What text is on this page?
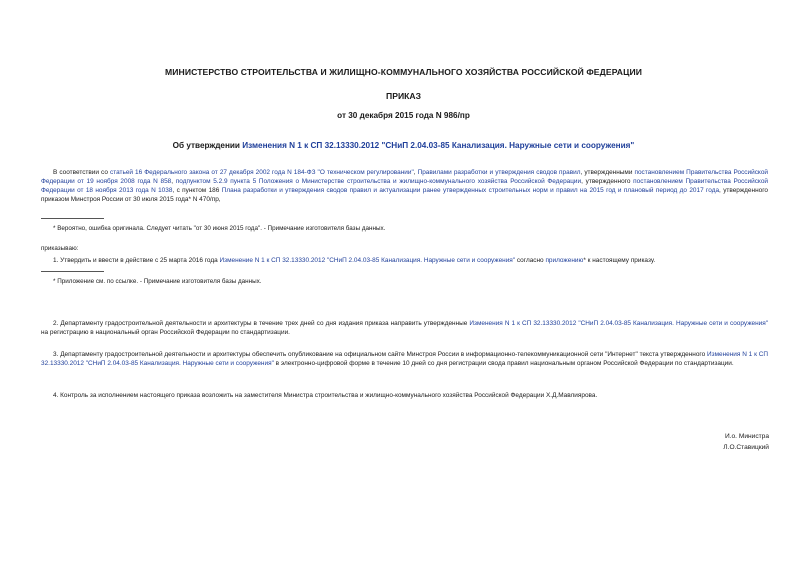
МИНИСТЕРСТВО СТРОИТЕЛЬСТВА И ЖИЛИЩНО-КОММУНАЛЬНОГО ХОЗЯЙСТВА РОССИЙСКОЙ ФЕДЕРАЦИИ
ПРИКАЗ
от 30 декабря 2015 года N 986/пр
Об утверждении Изменения N 1 к СП 32.13330.2012 "СНиП 2.04.03-85 Канализация. Наружные сети и сооружения"

В соответствии со статьей 16 Федерального закона от 27 декабря 2002 года N 184-ФЗ "О техническом регулировании", Правилами разработки и утверждения сводов правил, утвержденными постановлением Правительства Российской Федерации от 19 ноября 2008 года N 858, подпунктом 5.2.9 пункта 5 Положения о Министерстве строительства и жилищно-коммунального хозяйства Российской Федерации, утвержденного постановлением Правительства Российской Федерации от 18 ноября 2013 года N 1038, с пунктом 186 Плана разработки и утверждения сводов правил и актуализации ранее утвержденных строительных норм и правил на 2015 год и плановый период до 2017 года, утвержденного приказом Минстроя России от 30 июля 2015 года* N 470/пр,

* Вероятно, ошибка оригинала. Следует читать "от 30 июня 2015 года". - Примечание изготовителя базы данных.
приказываю:

1. Утвердить и ввести в действие с 25 марта 2016 года Изменение N 1 к СП 32.13330.2012 "СНиП 2.04.03-85 Канализация. Наружные сети и сооружения" согласно приложению* к настоящему приказу.

* Приложение см. по ссылке. - Примечание изготовителя базы данных.

2. Департаменту градостроительной деятельности и архитектуры в течение трех дней со дня издания приказа направить утвержденные Изменения N 1 к СП 32.13330.2012 "СНиП 2.04.03-85 Канализация. Наружные сети и сооружения" на регистрацию в национальный орган Российской Федерации по стандартизации.

3. Департаменту градостроительной деятельности и архитектуры обеспечить опубликование на официальном сайте Минстроя России в информационно-телекоммуникационной сети "Интернет" текста утвержденного Изменения N 1 к СП 32.13330.2012 "СНиП 2.04.03-85 Канализация. Наружные сети и сооружения" в электронно-цифровой форме в течение 10 дней со дня регистрации свода правил национальным органом Российской Федерации по стандартизации.

4. Контроль за исполнением настоящего приказа возложить на заместителя Министра строительства и жилищно-коммунального хозяйства Российской Федерации Х.Д.Мавлиярова.

И.о. Министра
Л.О.Ставицкий
